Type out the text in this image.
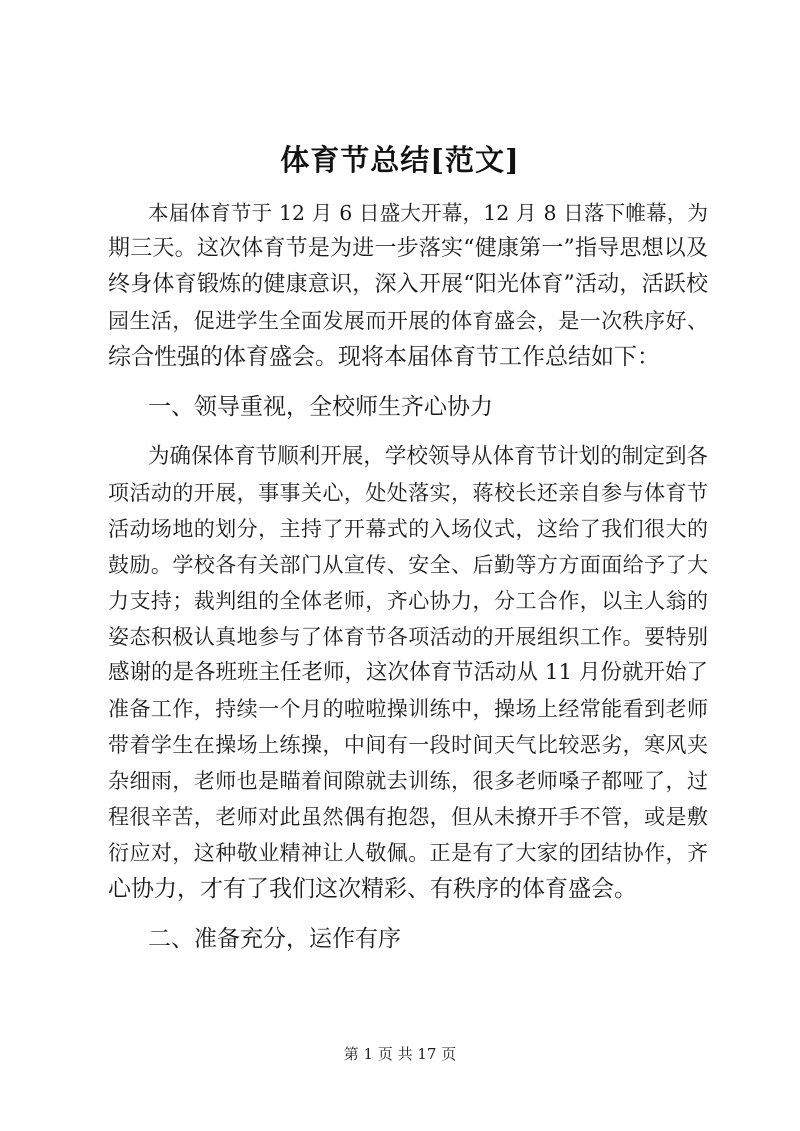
体育节总结[范文]
本届体育节于 12 月 6 日盛大开幕，12 月 8 日落下帷幕，为
期三天。这次体育节是为进一步落实“健康第一”指导思想以及
终身体育锻炼的健康意识，深入开展“阳光体育”活动，活跃校
园生活，促进学生全面发展而开展的体育盛会，是一次秩序好、
综合性强的体育盛会。现将本届体育节工作总结如下：
一、领导重视，全校师生齐心协力
为确保体育节顺利开展，学校领导从体育节计划的制定到各
项活动的开展，事事关心，处处落实，蒋校长还亲自参与体育节
活动场地的划分，主持了开幕式的入场仪式，这给了我们很大的
鼓励。学校各有关部门从宣传、安全、后勤等方方面面给予了大
力支持；裁判组的全体老师，齐心协力，分工合作，以主人翁的
姿态积极认真地参与了体育节各项活动的开展组织工作。要特别
感谢的是各班班主任老师，这次体育节活动从 11 月份就开始了
准备工作，持续一个月的啦啦操训练中，操场上经常能看到老师
带着学生在操场上练操，中间有一段时间天气比较恶劣，寒风夹
杂细雨，老师也是瞄着间隙就去训练，很多老师嗓子都哑了，过
程很辛苦，老师对此虽然偶有抱怨，但从未撩开手不管，或是敷
衍应对，这种敬业精神让人敬佩。正是有了大家的团结协作，齐
心协力，才有了我们这次精彩、有秩序的体育盛会。
二、准备充分，运作有序
第 1 页 共 17 页
